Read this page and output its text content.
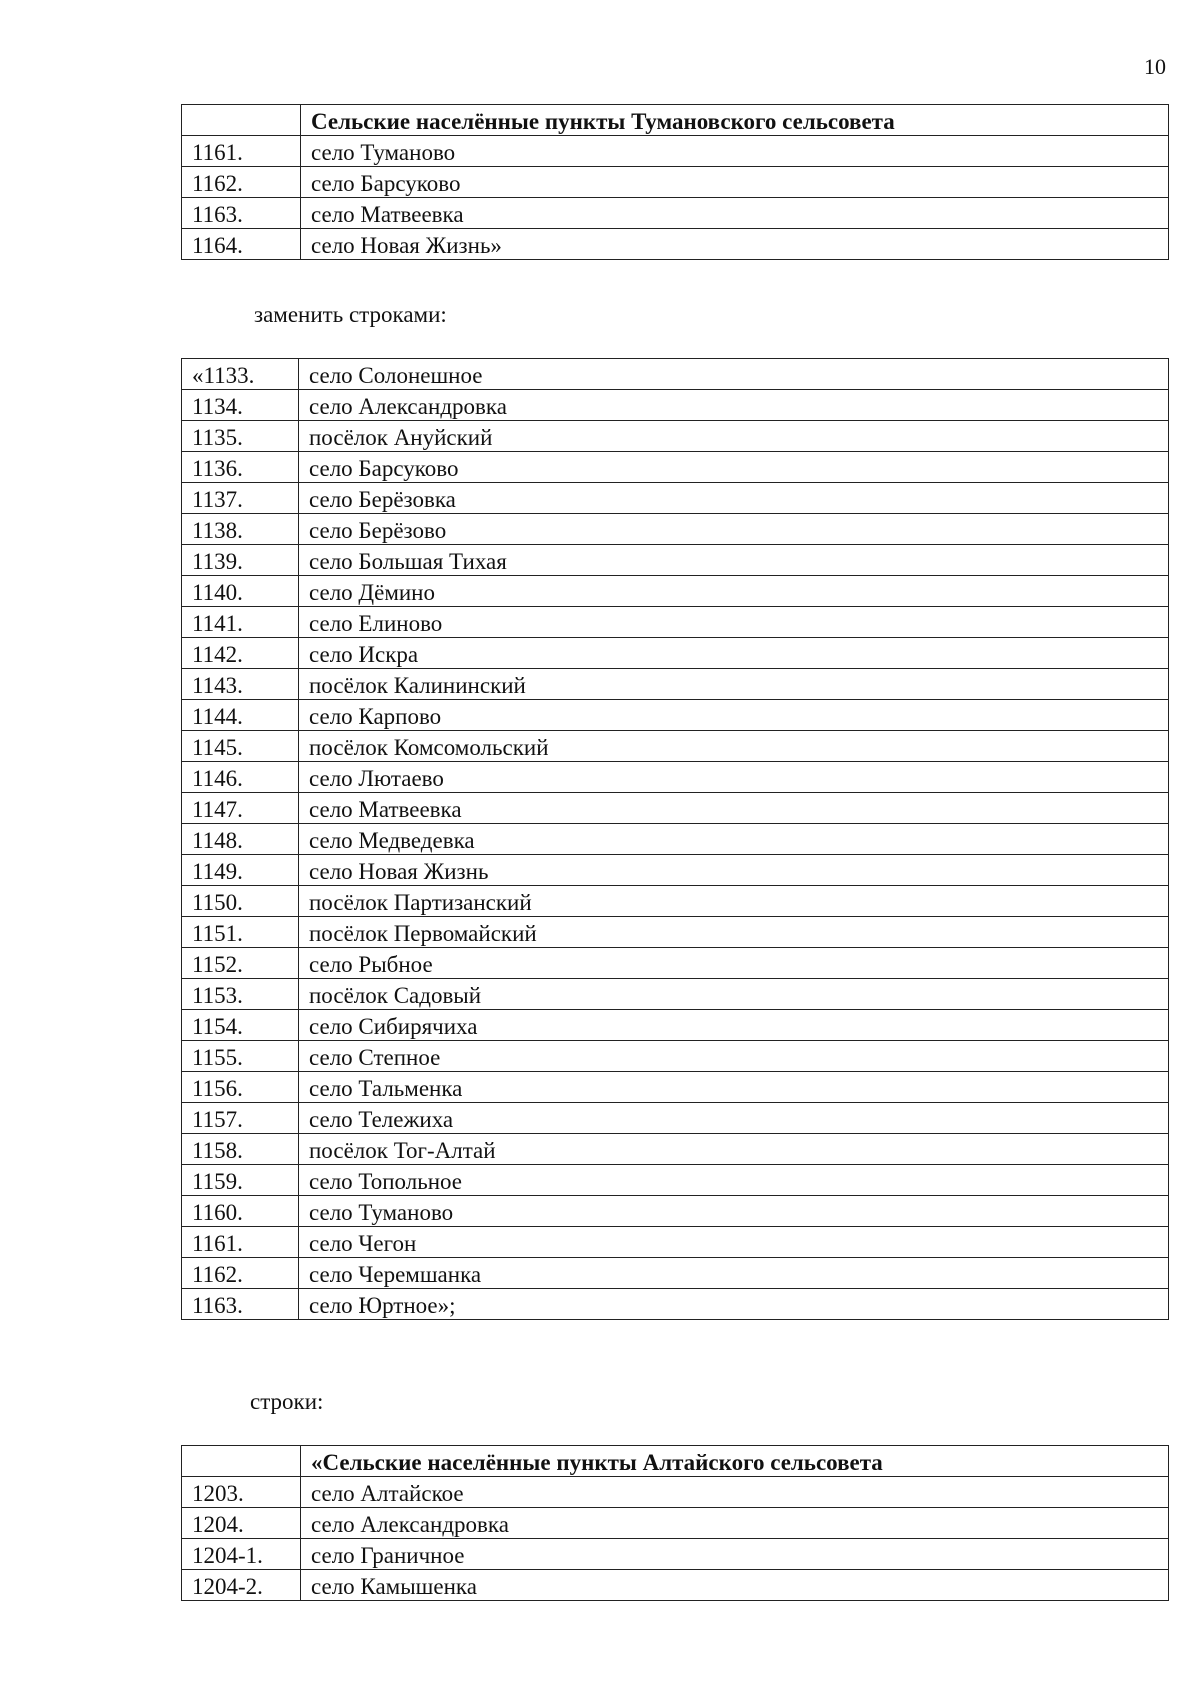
10
	Сельские населённые пункты Тумановского сельсовета
1161.	село Туманово
1162.	село Барсуково
1163.	село Матвеевка
1164.	село Новая Жизнь»
заменить строками:
«1133.	село Солонешное
1134.	село Александровка
1135.	посёлок Ануйский
1136.	село Барсуково
1137.	село Берёзовка
1138.	село Берёзово
1139.	село Большая Тихая
1140.	село Дёмино
1141.	село Елиново
1142.	село Искра
1143.	посёлок Калининский
1144.	село Карпово
1145.	посёлок Комсомольский
1146.	село Лютаево
1147.	село Матвеевка
1148.	село Медведевка
1149.	село Новая Жизнь
1150.	посёлок Партизанский
1151.	посёлок Первомайский
1152.	село Рыбное
1153.	посёлок Садовый
1154.	село Сибирячиха
1155.	село Степное
1156.	село Тальменка
1157.	село Тележиха
1158.	посёлок Тог-Алтай
1159.	село Топольное
1160.	село Туманово
1161.	село Чегон
1162.	село Черемшанка
1163.	село Юртное»;
строки:
	«Сельские населённые пункты Алтайского сельсовета
1203.	село Алтайское
1204.	село Александровка
1204-1.	село Граничное
1204-2.	село Камышенка
